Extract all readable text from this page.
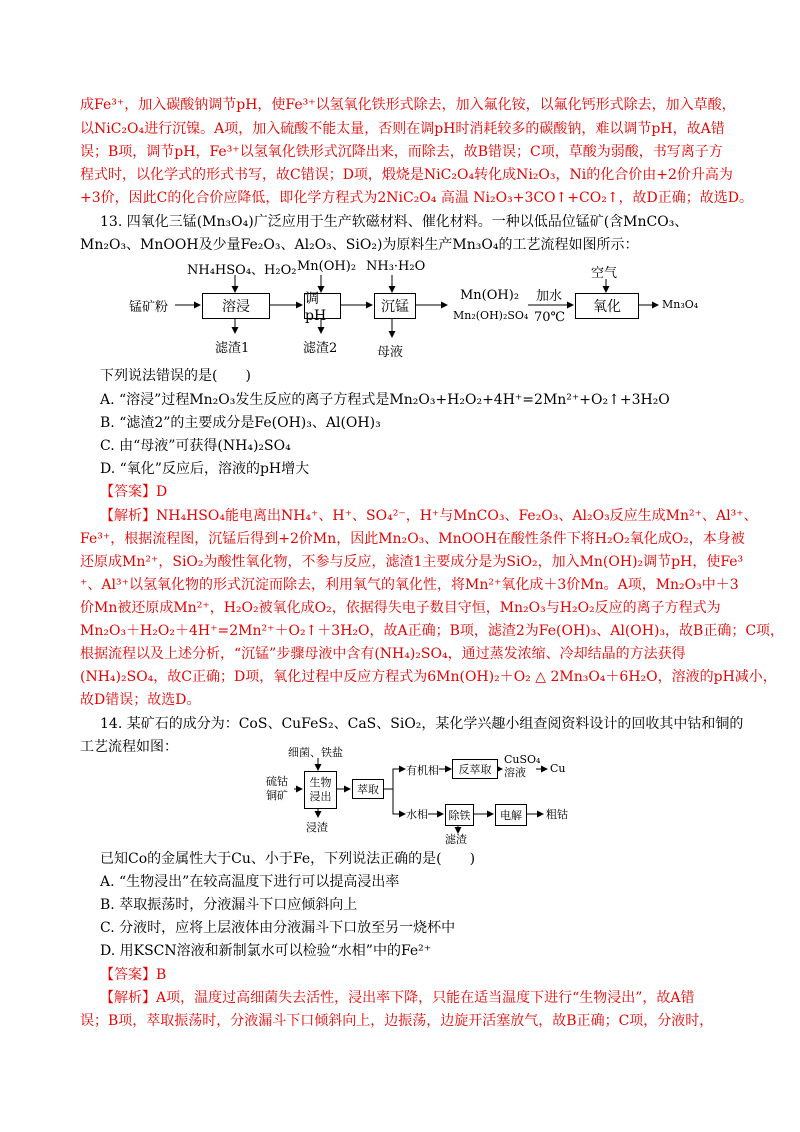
成Fe³⁺，加入碳酸钠调节pH，使Fe³⁺以氢氧化铁形式除去，加入氟化铵，以氟化钙形式除去，加入草酸，

以NiC₂O₄进行沉镍。A项，加入硫酸不能太量，否则在调pH时消耗较多的碳酸钠，难以调节pH，故A错

误；B项，调节pH，Fe³⁺以氢氧化铁形式沉降出来，而除去，故B错误；C项，草酸为弱酸，书写离子方

程式时，以化学式的形式书写，故C错误；D项，煅烧是NiC₂O₄转化成Ni₂O₃，Ni的化合价由+2价升高为

+3价，因此C的化合价应降低，即化学方程式为2NiC₂O₄ 高温 Ni₂O₃+3CO↑+CO₂↑，故D正确；故选D。

13. 四氧化三锰(Mn₃O₄)广泛应用于生产软磁材料、催化材料。一种以低品位锰矿(含MnCO₃、

Mn₂O₃、MnOOH及少量Fe₂O₃、Al₂O₃、SiO₂)为原料生产Mn₃O₄的工艺流程如图所示：

锰矿粉	溶浸	调pH
沉锰	氧化
NH₄HSO₄、H₂O₂ Mn(OH)₂ NH₃·H₂O	空气
滤渣1	滤渣2	母液
Mn(OH)₂
Mn₂(OH)₂SO₄
加水
70℃
Mn₃O₄

下列说法错误的是(　　)

A. “溶浸”过程Mn₂O₃发生反应的离子方程式是Mn₂O₃+H₂O₂+4H⁺=2Mn²⁺+O₂↑+3H₂O

B. “滤渣2”的主要成分是Fe(OH)₃、Al(OH)₃

C. 由“母液”可获得(NH₄)₂SO₄

D. “氧化”反应后，溶液的pH增大

【答案】D

【解析】NH₄HSO₄能电离出NH₄⁺、H⁺、SO₄²⁻，H⁺与MnCO₃、Fe₂O₃、Al₂O₃反应生成Mn²⁺、Al³⁺、

Fe³⁺，根据流程图，沉锰后得到+2价Mn，因此Mn₂O₃、MnOOH在酸性条件下将H₂O₂氧化成O₂，本身被

还原成Mn²⁺，SiO₂为酸性氧化物，不参与反应，滤渣1主要成分是为SiO₂，加入Mn(OH)₂调节pH，使Fe³

⁺、Al³⁺以氢氧化物的形式沉淀而除去，利用氧气的氧化性，将Mn²⁺氧化成＋3价Mn。A项，Mn₂O₃中＋3

价Mn被还原成Mn²⁺，H₂O₂被氧化成O₂，依据得失电子数目守恒，Mn₂O₃与H₂O₂反应的离子方程式为

Mn₂O₃＋H₂O₂＋4H⁺=2Mn²⁺＋O₂↑＋3H₂O，故A正确；B项，滤渣2为Fe(OH)₃、Al(OH)₃，故B正确；C项，

根据流程以及上述分析，“沉锰”步骤母液中含有(NH₄)₂SO₄，通过蒸发浓缩、冷却结晶的方法获得

(NH₄)₂SO₄，故C正确；D项，氧化过程中反应方程式为6Mn(OH)₂＋O₂ △ 2Mn₃O₄＋6H₂O，溶液的pH减小，

故D错误；故选D。

14. 某矿石的成分为：CoS、CuFeS₂、CaS、SiO₂，某化学兴趣小组查阅资料设计的回收其中钴和铜的

工艺流程如图：	细菌、铁盐
硫钴铜矿
生物浸出
萃取
有机相	反萃取
CuSO₄溶液	Cu
水相	除铁	电解	粗钴
浸渣
滤渣

已知Co的金属性大于Cu、小于Fe，下列说法正确的是(　　)

A. “生物浸出”在较高温度下进行可以提高浸出率

B. 萃取振荡时，分液漏斗下口应倾斜向上

C. 分液时，应将上层液体由分液漏斗下口放至另一烧杯中

D. 用KSCN溶液和新制氯水可以检验“水相”中的Fe²⁺

【答案】B

【解析】A项，温度过高细菌失去活性，浸出率下降，只能在适当温度下进行“生物浸出”，故A错

误；B项，萃取振荡时，分液漏斗下口倾斜向上，边振荡，边旋开活塞放气，故B正确；C项，分液时，
